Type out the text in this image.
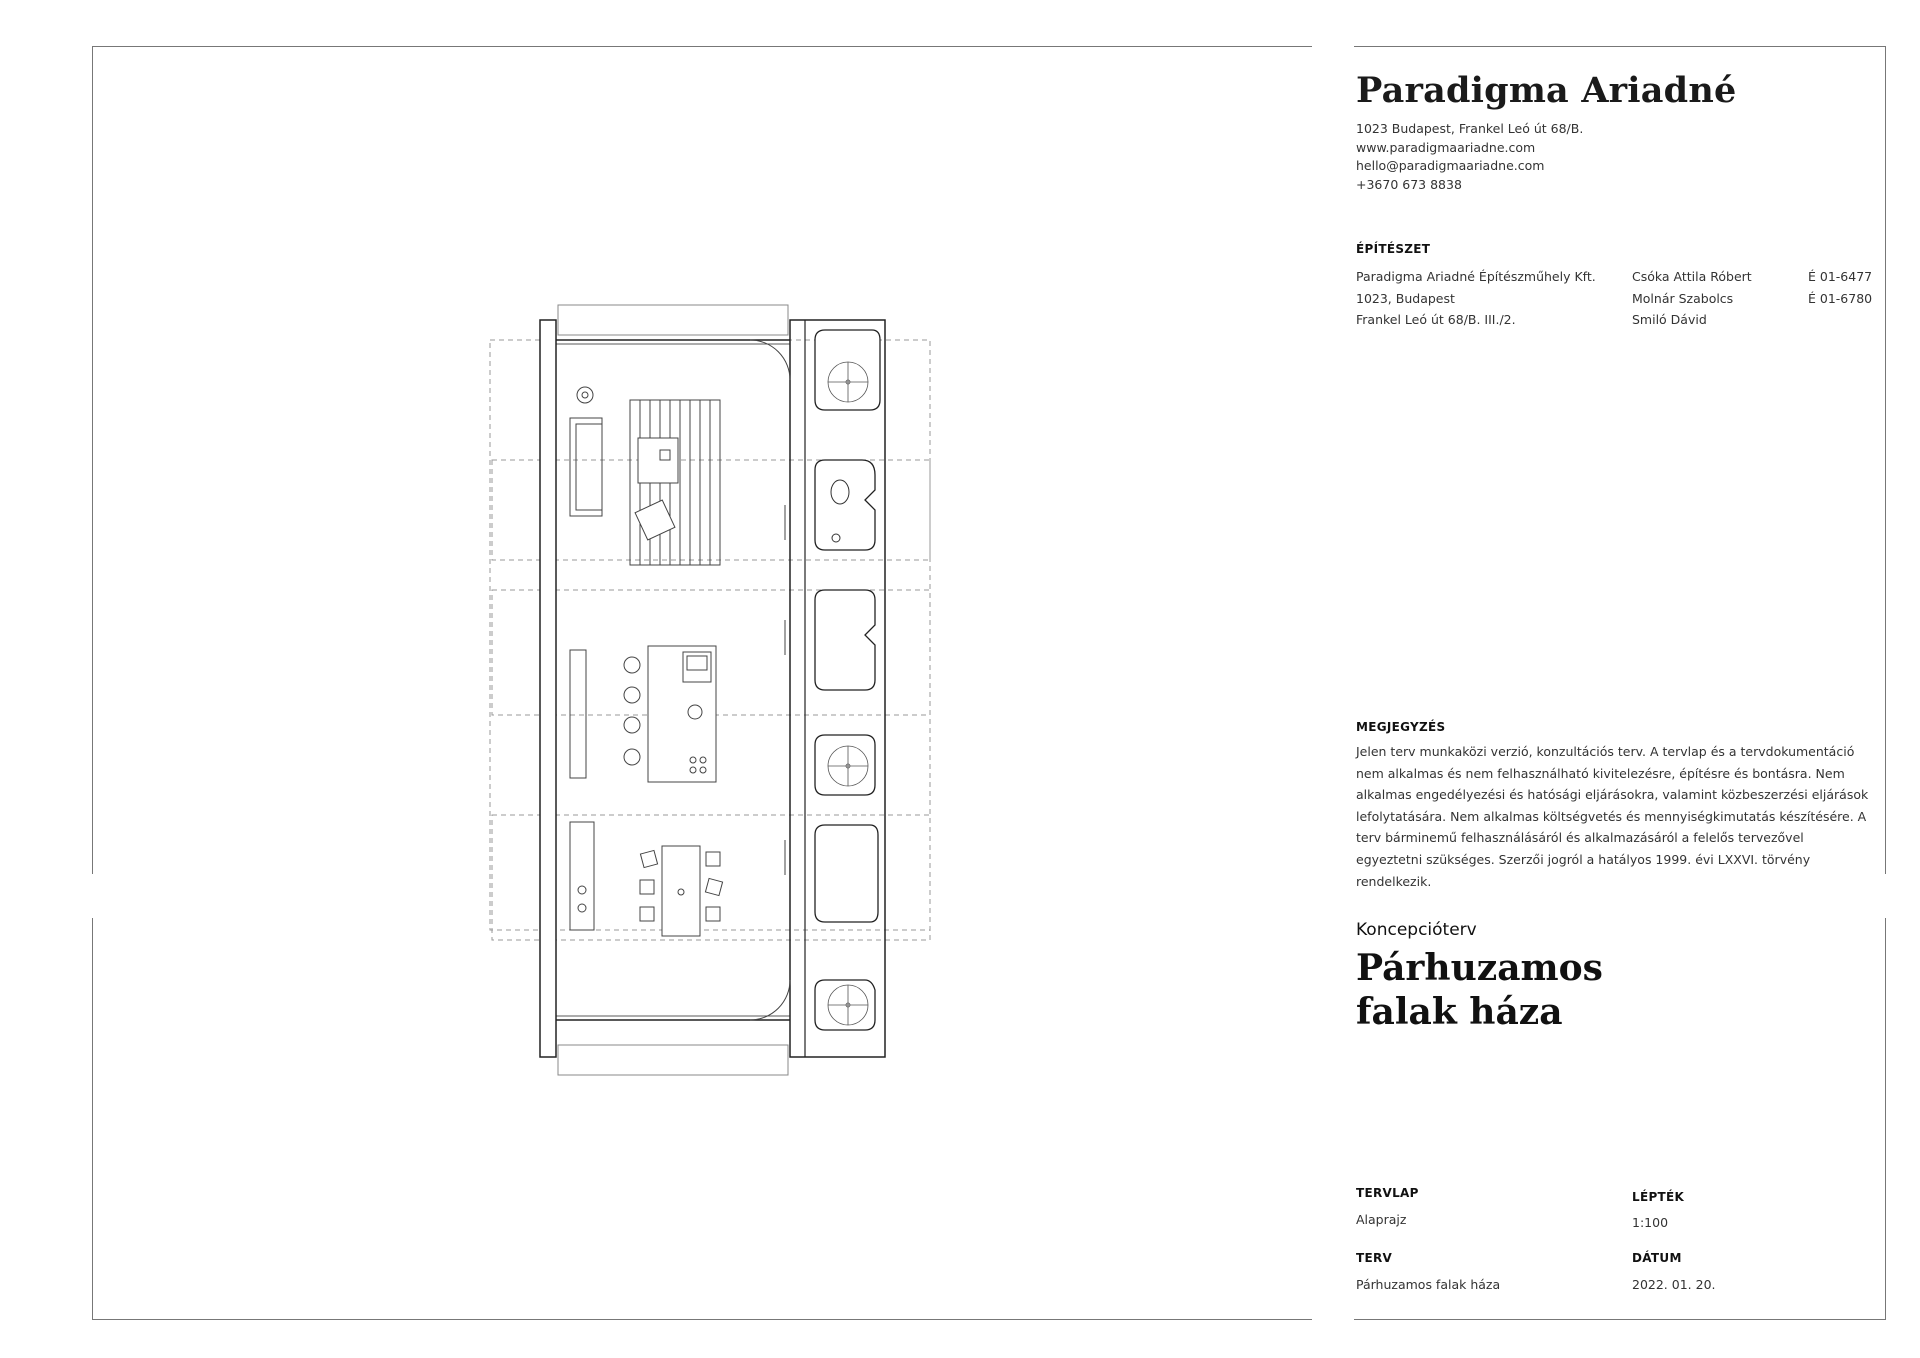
Paradigma Ariadné
1023 Budapest, Frankel Leó út 68/B.
www.paradigmaariadne.com
hello@paradigmaariadne.com
+3670 673 8838
ÉPÍTÉSZET
Paradigma Ariadné Építészműhely Kft.
1023, Budapest
Frankel Leó út 68/B. III./2.
Csóka Attila Róbert
Molnár Szabolcs
Smiló Dávid
É 01-6477
É 01-6780
MEGJEGYZÉS
Jelen terv munkaközi verzió, konzultációs terv. A tervlap és a tervdokumentáció nem alkalmas és nem felhasználható kivitelezésre, építésre és bontásra. Nem alkalmas engedélyezési és hatósági eljárásokra, valamint közbeszerzési eljárások lefolytatására. Nem alkalmas költségvetés és mennyiségkimutatás készítésére. A terv bárminemű felhasználásáról és alkalmazásáról a felelős tervezővel egyeztetni szükséges. Szerzői jogról a hatályos 1999. évi LXXVI. törvény rendelkezik.
Koncepcióterv
Párhuzamos falak háza
TERVLAP
Alaprajz
LÉPTÉK
1:100
TERV
Párhuzamos falak háza
DÁTUM
2022. 01. 20.
